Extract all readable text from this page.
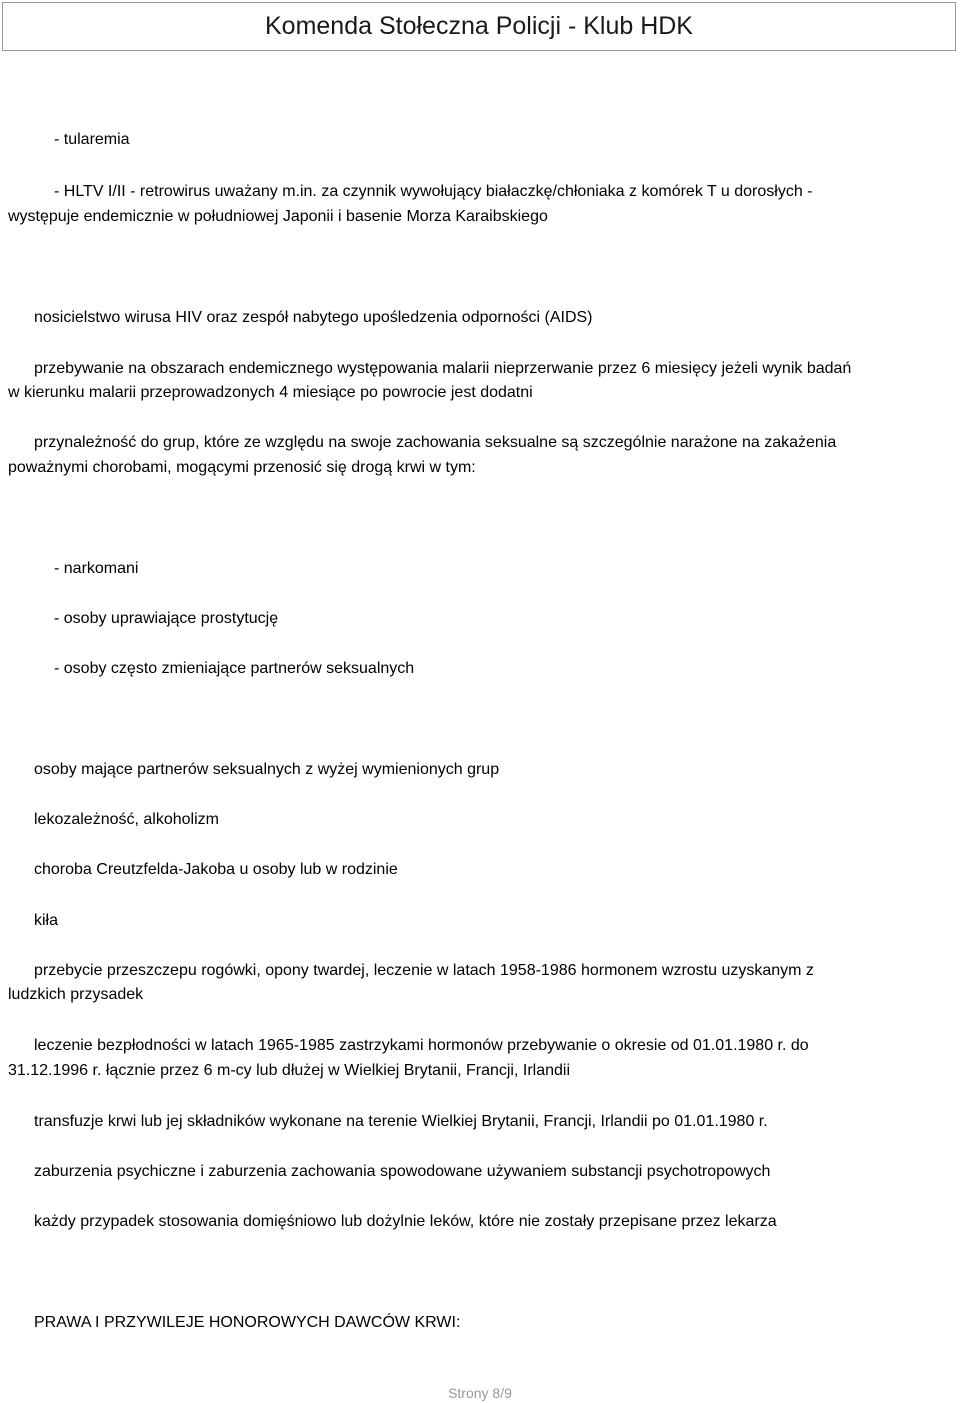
Komenda Stołeczna Policji - Klub HDK
- tularemia
- HLTV I/II - retrowirus uważany m.in. za czynnik wywołujący białaczkę/chłoniaka z komórek T u dorosłych -
występuje endemicznie w południowej Japonii i basenie Morza Karaibskiego
nosicielstwo wirusa HIV oraz zespół nabytego upośledzenia odporności (AIDS)
przebywanie na obszarach endemicznego występowania malarii nieprzerwanie przez 6 miesięcy jeżeli wynik badań
w kierunku malarii przeprowadzonych 4 miesiące po powrocie jest dodatni
przynależność do grup, które ze względu na swoje zachowania seksualne są szczególnie narażone na zakażenia
poważnymi chorobami, mogącymi przenosić się drogą krwi w tym:
- narkomani
- osoby uprawiające prostytucję
- osoby często zmieniające partnerów seksualnych
osoby mające partnerów seksualnych z wyżej wymienionych grup
lekozależność, alkoholizm
choroba Creutzfelda-Jakoba u osoby lub w rodzinie
kiła
przebycie przeszczepu rogówki, opony twardej, leczenie w latach 1958-1986 hormonem wzrostu uzyskanym z
ludzkich przysadek
leczenie bezpłodności w latach 1965-1985 zastrzykami hormonów przebywanie o okresie od 01.01.1980 r. do
31.12.1996 r. łącznie przez 6 m-cy lub dłużej w Wielkiej Brytanii, Francji, Irlandii
transfuzje krwi lub jej składników wykonane na terenie Wielkiej Brytanii, Francji, Irlandii po 01.01.1980 r.
zaburzenia psychiczne i zaburzenia zachowania spowodowane używaniem substancji psychotropowych
każdy przypadek stosowania domięśniowo lub dożylnie leków, które nie zostały przepisane przez lekarza
PRAWA I PRZYWILEJE HONOROWYCH DAWCÓW KRWI:
Strony 8/9
